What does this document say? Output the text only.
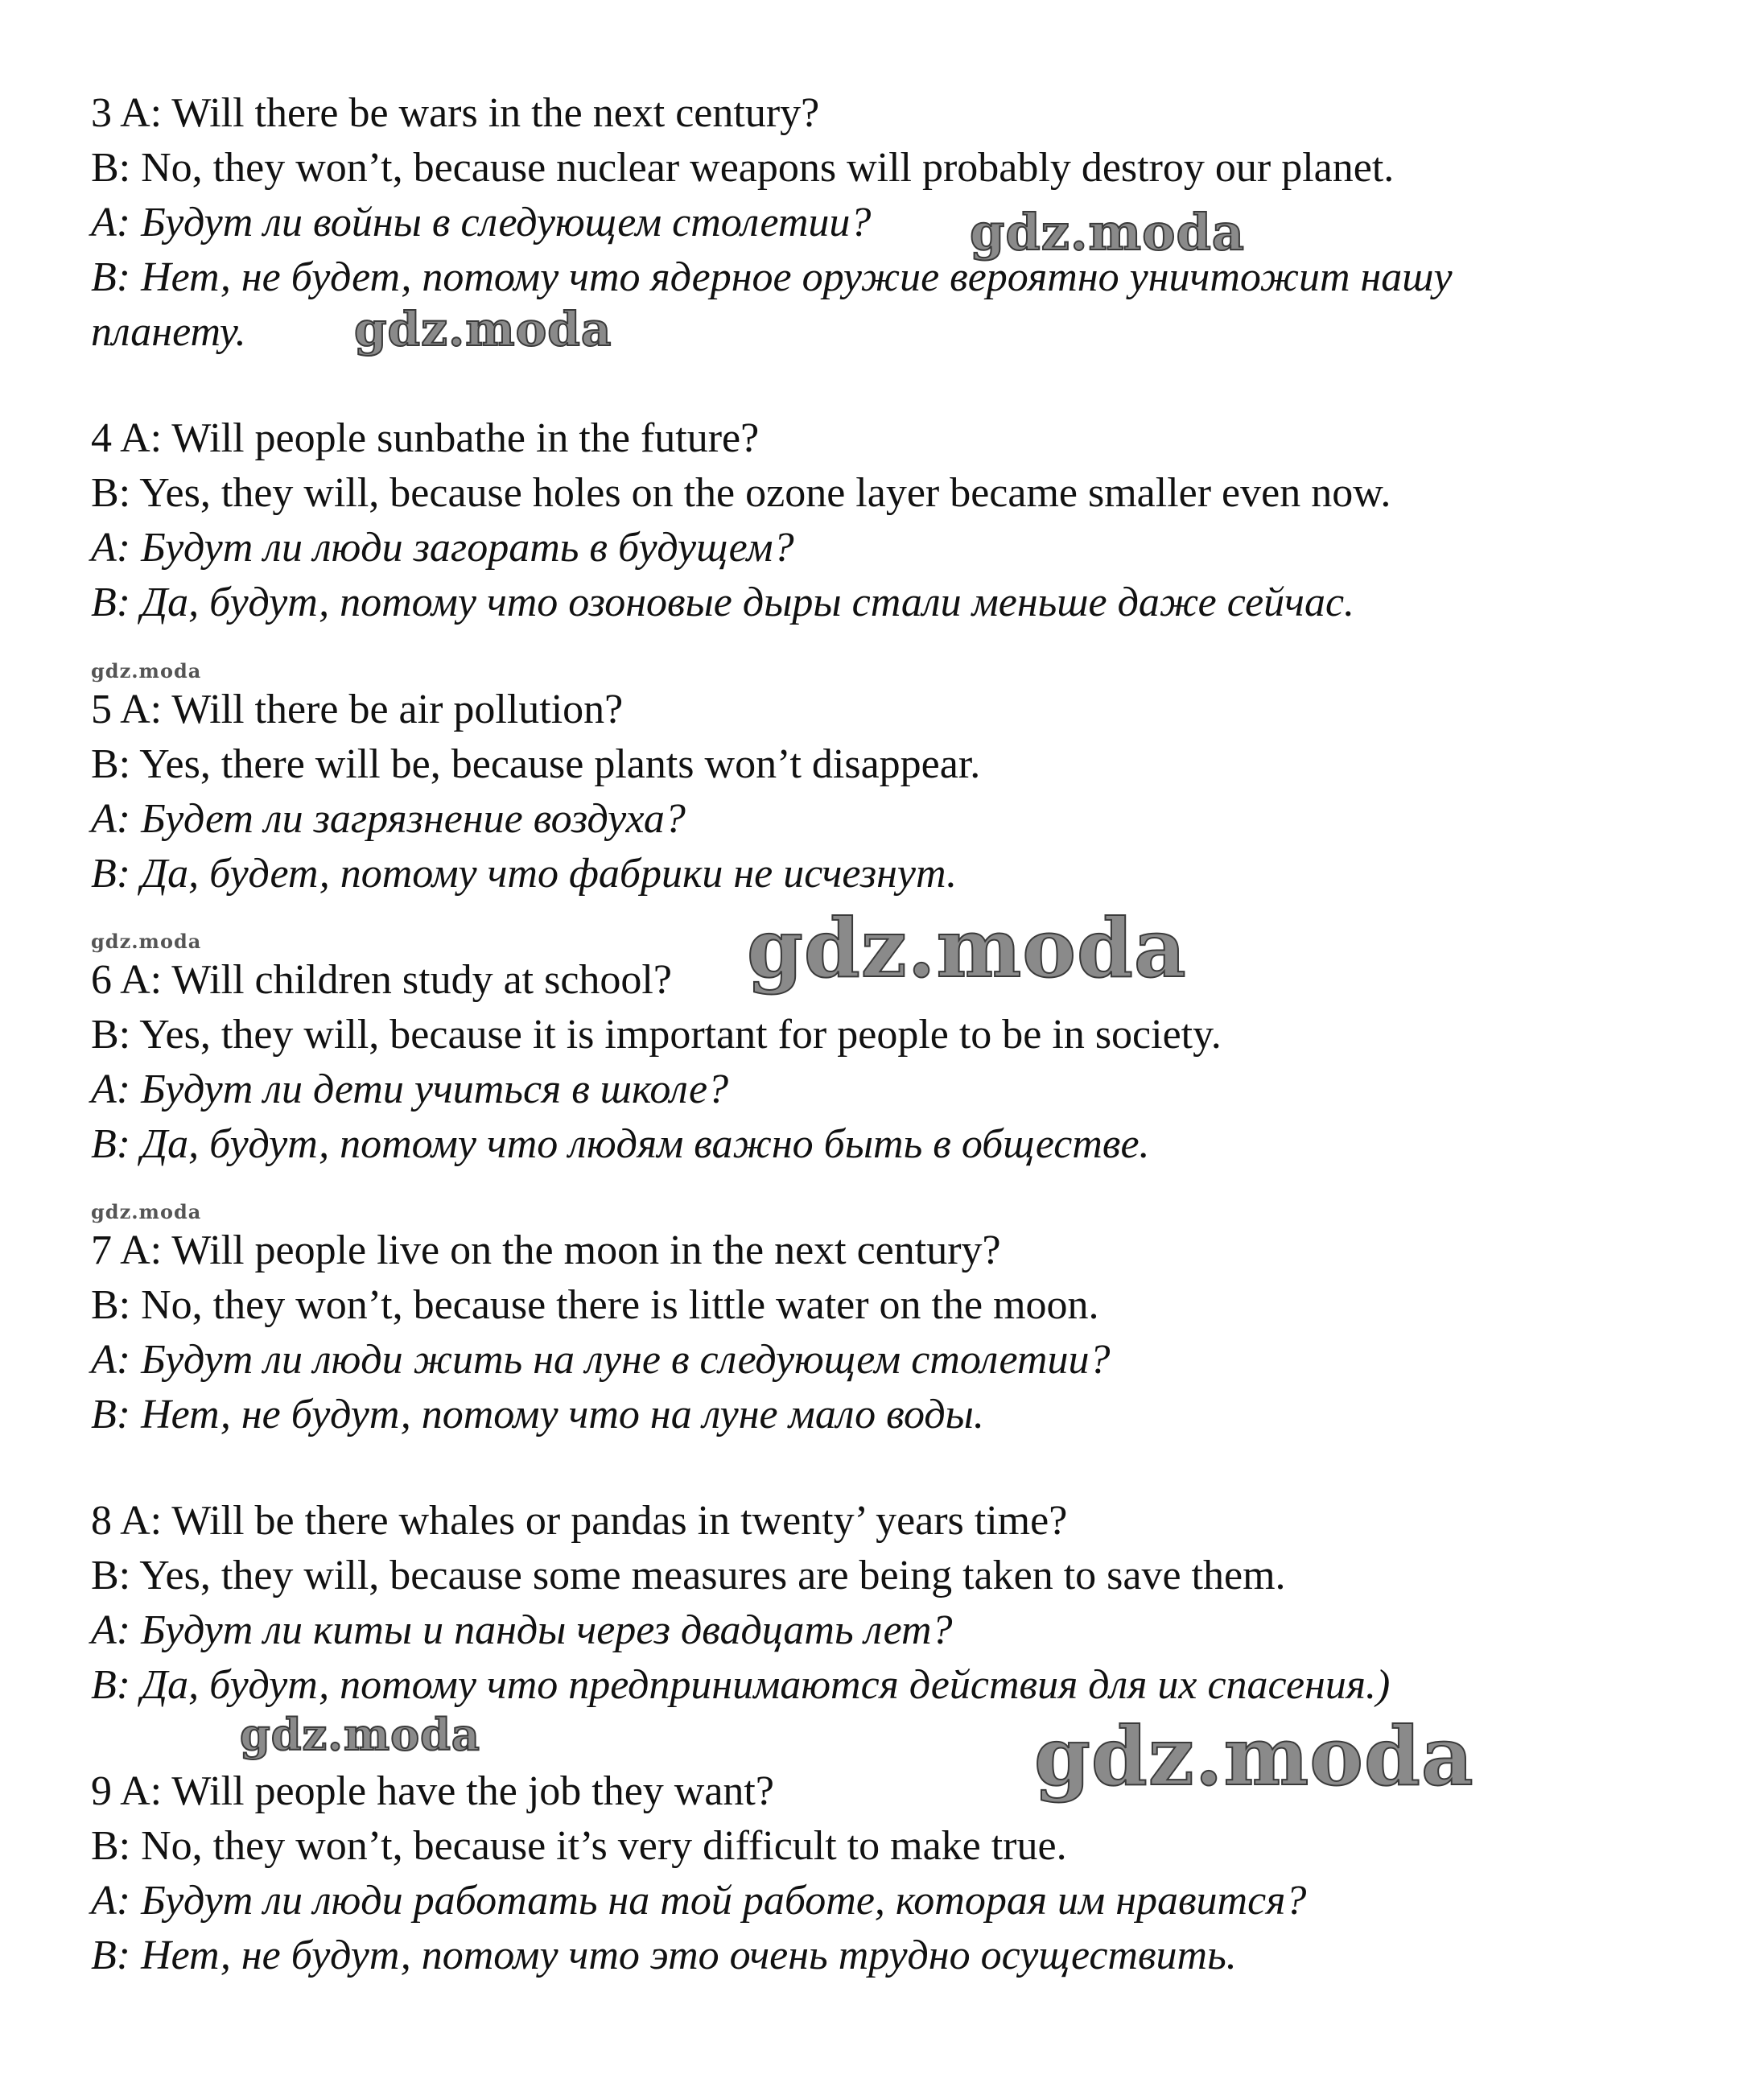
3 A: Will there be wars in the next century?

B: No, they won’t, because nuclear weapons will probably destroy our planet.

A: Будут ли войны в следующем столетии?

B: Нет, не будет, потому что ядерное оружие вероятно уничтожит нашу

планету.

4 A: Will people sunbathe in the future?

B: Yes, they will, because holes on the ozone layer became smaller even now.

A: Будут ли люди загорать в будущем?

B: Да, будут, потому что озоновые дыры стали меньше даже сейчас.

5 A: Will there be air pollution?

B: Yes, there will be, because plants won’t disappear.

A: Будет ли загрязнение воздуха?

B: Да, будет, потому что фабрики не исчезнут.

6 A: Will children study at school?

B: Yes, they will, because it is important for people to be in society.

A: Будут ли дети учиться в школе?

B: Да, будут, потому что людям важно быть в обществе.

7 A: Will people live on the moon in the next century?

B: No, they won’t, because there is little water on the moon.

A: Будут ли люди жить на луне в следующем столетии?

B: Нет, не будут, потому что на луне мало воды.

8 A: Will be there whales or pandas in twenty’ years time?

B: Yes, they will, because some measures are being taken to save them.

A: Будут ли киты и панды через двадцать лет?

B: Да, будут, потому что предпринимаются действия для их спасения.)

9 A: Will people have the job they want?

B: No, they won’t, because it’s very difficult to make true.

A: Будут ли люди работать на той работе, которая им нравится?

B: Нет, не будут, потому что это очень трудно осуществить.

gdz.moda
gdz.moda
gdz.moda
gdz.moda	gdz.moda
gdz.moda
gdz.moda	gdz.moda
